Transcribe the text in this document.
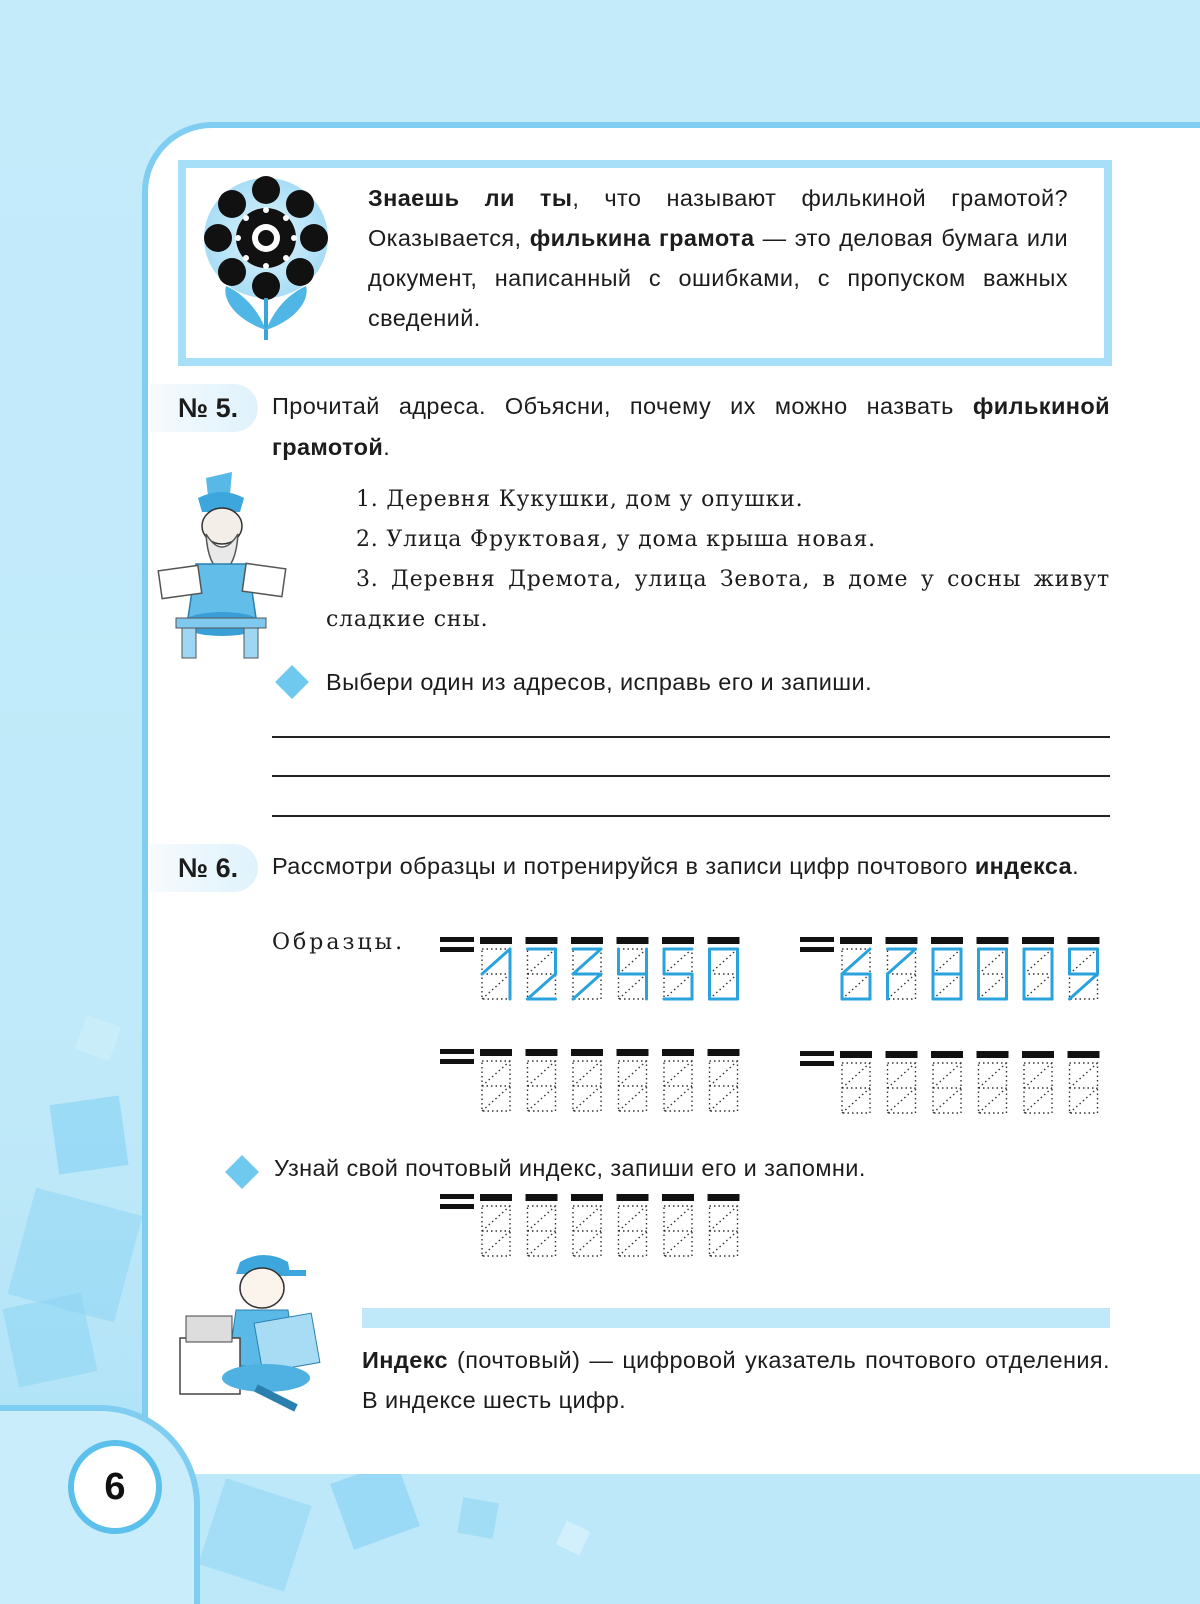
Знаешь ли ты, что называют филькиной грамотой? Оказывается, филькина грамота — это деловая бумага или документ, написанный с ошибками, с пропуском важных сведений.
№ 5.	Прочитай адреса. Объясни, почему их можно назвать филькиной грамотой.
1. Деревня Кукушки, дом у опушки.
2. Улица Фруктовая, у дома крыша новая.
3. Деревня Дремота, улица Зевота, в доме у сосны живут сладкие сны.
Выбери один из адресов, исправь его и запиши.
№ 6.	Рассмотри образцы и потренируйся в записи цифр почтового индекса.
Образцы.
Узнай свой почтовый индекс, запиши его и запомни.
Индекс (почтовый) — цифровой указатель почтового отделения. В индексе шесть цифр.
6
